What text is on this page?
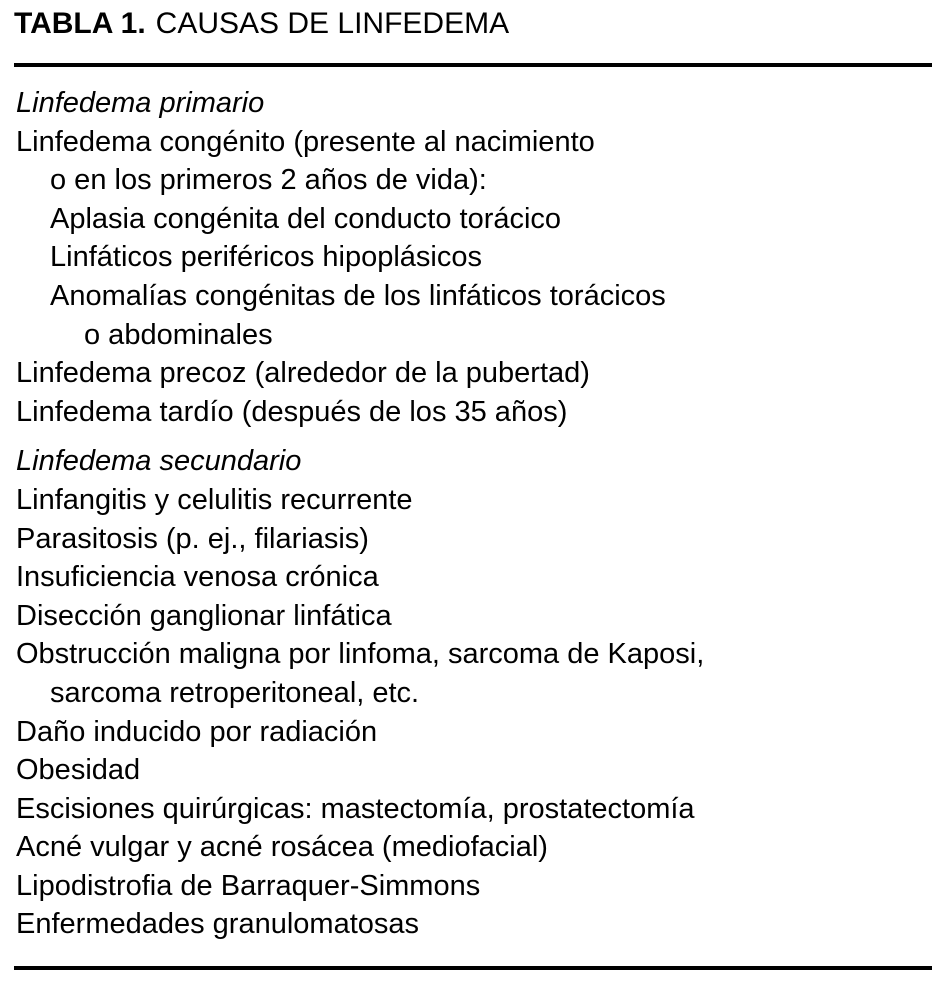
TABLA 1. CAUSAS DE LINFEDEMA
Linfedema primario
Linfedema congénito (presente al nacimiento
o en los primeros 2 años de vida):
Aplasia congénita del conducto torácico
Linfáticos periféricos hipoplásicos
Anomalías congénitas de los linfáticos torácicos
o abdominales
Linfedema precoz (alrededor de la pubertad)
Linfedema tardío (después de los 35 años)
Linfedema secundario
Linfangitis y celulitis recurrente
Parasitosis (p. ej., filariasis)
Insuficiencia venosa crónica
Disección ganglionar linfática
Obstrucción maligna por linfoma, sarcoma de Kaposi,
sarcoma retroperitoneal, etc.
Daño inducido por radiación
Obesidad
Escisiones quirúrgicas: mastectomía, prostatectomía
Acné vulgar y acné rosácea (mediofacial)
Lipodistrofia de Barraquer-Simmons
Enfermedades granulomatosas
